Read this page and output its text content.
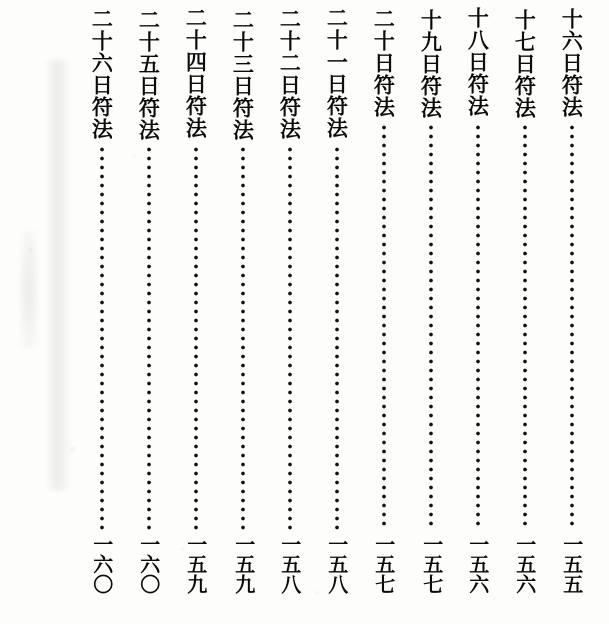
十六日符法
一五五
十七日符法
一五六
十八日符法
一五六
十九日符法
一五七
二十日符法
一五七
二十一日符法
一五八
二十二日符法
一五八
二十三日符法
一五九
二十四日符法
一五九
二十五日符法
一六〇
二十六日符法
一六〇
